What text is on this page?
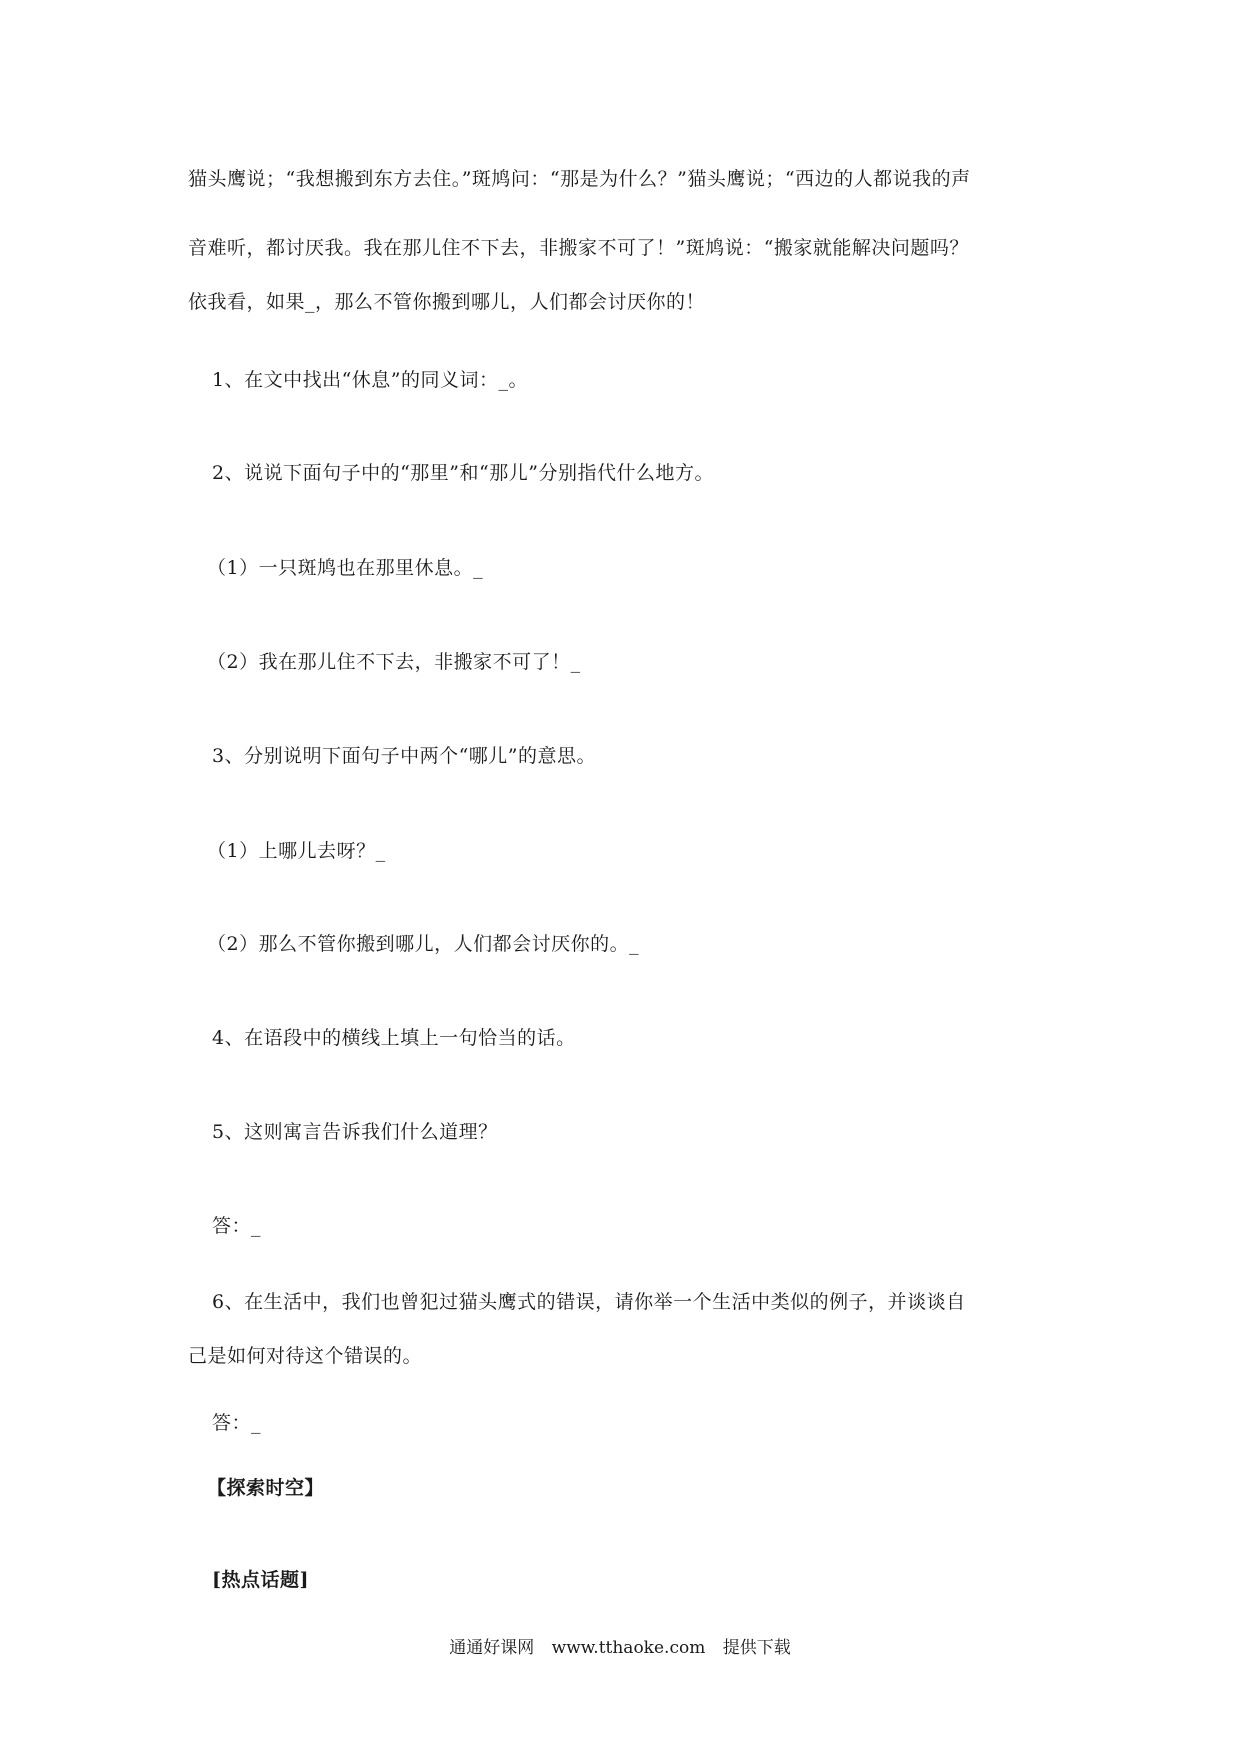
猫头鹰说；“我想搬到东方去住。”斑鸠问：“那是为什么？”猫头鹰说；“西边的人都说我的声
音难听，都讨厌我。我在那儿住不下去，非搬家不可了！”斑鸠说：“搬家就能解决问题吗？
依我看，如果_，那么不管你搬到哪儿，人们都会讨厌你的！
1、在文中找出“休息”的同义词：_。
2、说说下面句子中的“那里”和“那儿”分别指代什么地方。
（1）一只斑鸠也在那里休息。_
（2）我在那儿住不下去，非搬家不可了！_
3、分别说明下面句子中两个“哪儿”的意思。
（1）上哪儿去呀？_
（2）那么不管你搬到哪儿，人们都会讨厌你的。_
4、在语段中的横线上填上一句恰当的话。
5、这则寓言告诉我们什么道理？
答：_
6、在生活中，我们也曾犯过猫头鹰式的错误，请你举一个生活中类似的例子，并谈谈自
己是如何对待这个错误的。
答：_
【探索时空】
[热点话题]
通通好课网 www.tthaoke.com 提供下载
